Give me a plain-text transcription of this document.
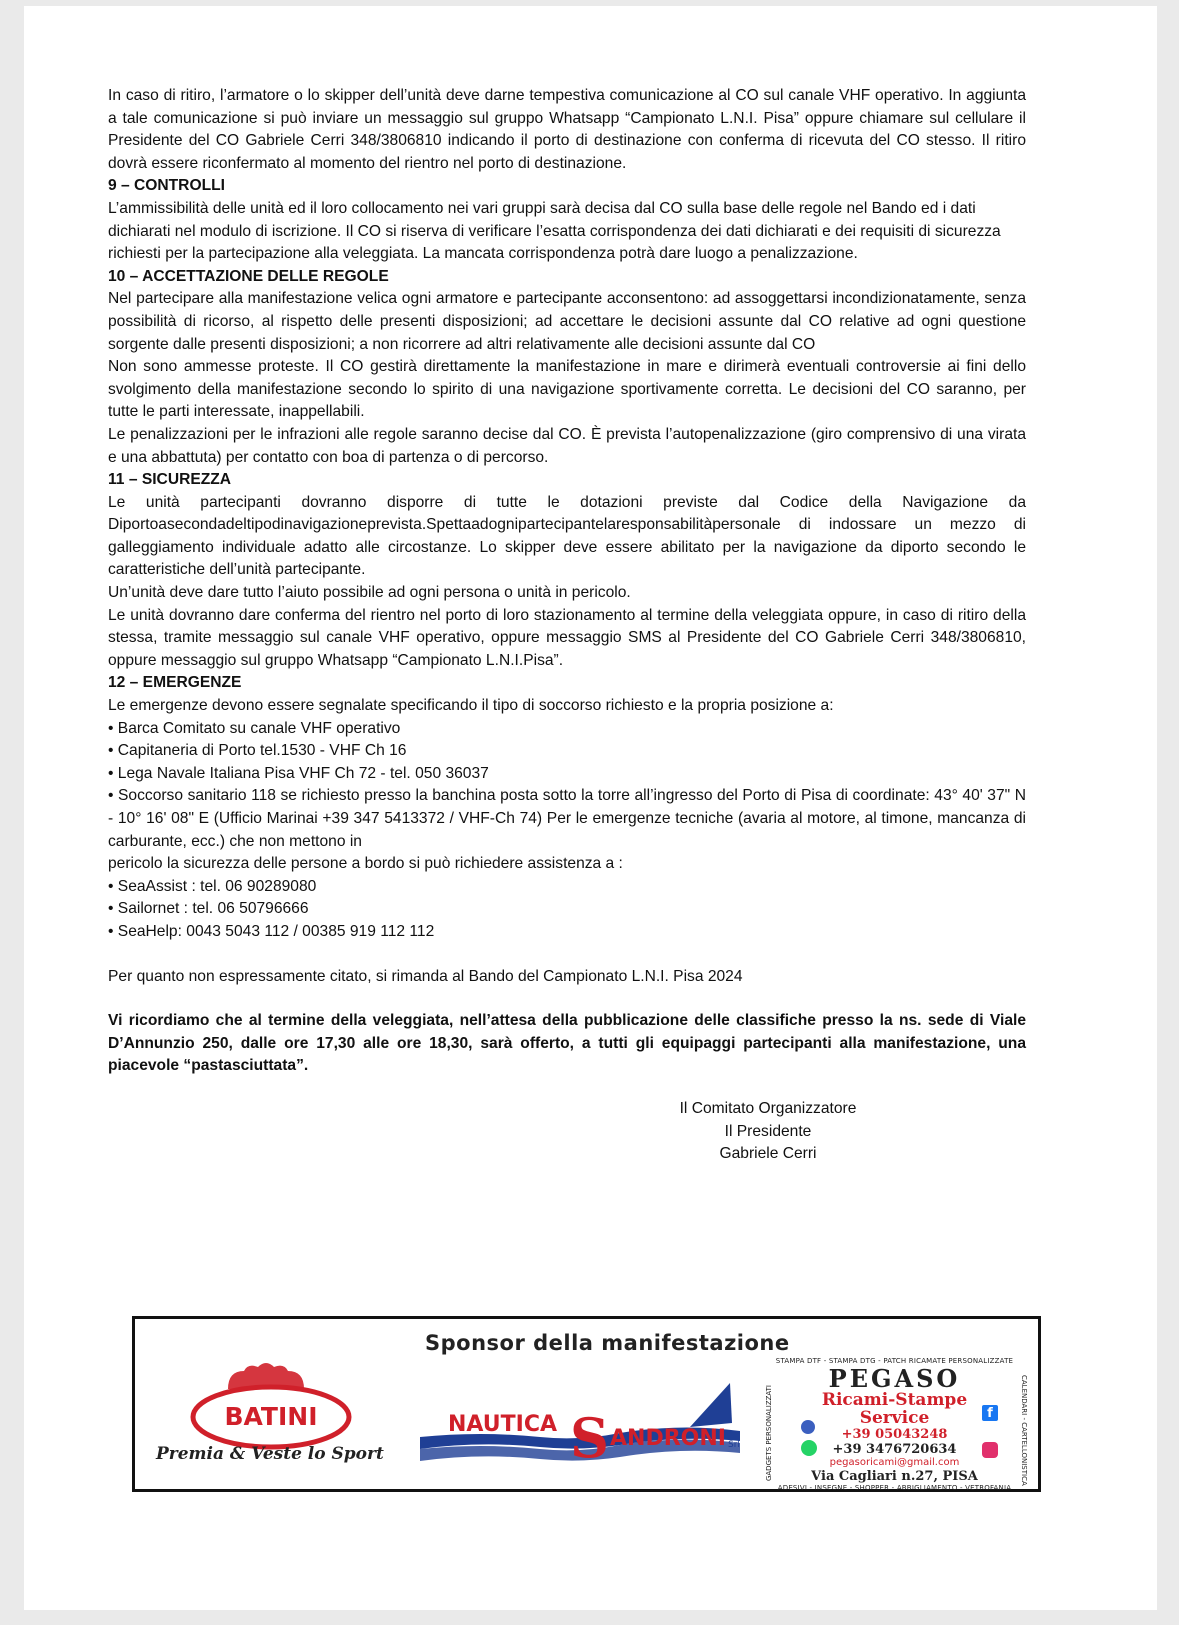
In caso di ritiro, l’armatore o lo skipper dell’unità deve darne tempestiva comunicazione al CO sul canale VHF operativo. In aggiunta a tale comunicazione si può inviare un messaggio sul gruppo Whatsapp “Campionato L.N.I. Pisa” oppure chiamare sul cellulare il Presidente del CO Gabriele Cerri 348/3806810 indicando il porto di destinazione con conferma di ricevuta del CO stesso. Il ritiro dovrà essere riconfermato al momento del rientro nel porto di destinazione.

9 – CONTROLLI

L’ammissibilità delle unità ed il loro collocamento nei vari gruppi sarà decisa dal CO sulla base delle regole nel Bando ed i dati dichiarati nel modulo di iscrizione. Il CO si riserva di verificare l’esatta corrispondenza dei dati dichiarati e dei requisiti di sicurezza richiesti per la partecipazione alla veleggiata. La mancata corrispondenza potrà dare luogo a penalizzazione.

10 – ACCETTAZIONE DELLE REGOLE

Nel partecipare alla manifestazione velica ogni armatore e partecipante acconsentono: ad assoggettarsi incondizionatamente, senza possibilità di ricorso, al rispetto delle presenti disposizioni; ad accettare le decisioni assunte dal CO relative ad ogni questione sorgente dalle presenti disposizioni; a non ricorrere ad altri relativamente alle decisioni assunte dal CO

Non sono ammesse proteste. Il CO gestirà direttamente la manifestazione in mare e dirimerà eventuali controversie ai fini dello svolgimento della manifestazione secondo lo spirito di una navigazione sportivamente corretta. Le decisioni del CO saranno, per tutte le parti interessate, inappellabili.

Le penalizzazioni per le infrazioni alle regole saranno decise dal CO. È prevista l’autopenalizzazione (giro comprensivo di una virata e una abbattuta) per contatto con boa di partenza o di percorso.

11 – SICUREZZA

Le unità partecipanti dovranno disporre di tutte le dotazioni previste dal Codice della Navigazione da Diportoasecondadeltipodinavigazioneprevista.Spettaadognipartecipantelaresponsabilitàpersonale di indossare un mezzo di galleggiamento individuale adatto alle circostanze. Lo skipper deve essere abilitato per la navigazione da diporto secondo le caratteristiche dell’unità partecipante.

Un’unità deve dare tutto l’aiuto possibile ad ogni persona o unità in pericolo.

Le unità dovranno dare conferma del rientro nel porto di loro stazionamento al termine della veleggiata oppure, in caso di ritiro della stessa, tramite messaggio sul canale VHF operativo, oppure messaggio SMS al Presidente del CO Gabriele Cerri 348/3806810, oppure messaggio sul gruppo Whatsapp “Campionato L.N.I.Pisa”.

12 – EMERGENZE

Le emergenze devono essere segnalate specificando il tipo di soccorso richiesto e la propria posizione a:

• Barca Comitato su canale VHF operativo

• Capitaneria di Porto tel.1530 - VHF Ch 16

• Lega Navale Italiana Pisa VHF Ch 72 - tel. 050 36037

• Soccorso sanitario 118 se richiesto presso la banchina posta sotto la torre all’ingresso del Porto di Pisa di coordinate: 43° 40' 37" N - 10° 16' 08" E (Ufficio Marinai +39 347 5413372 / VHF-Ch 74) Per le emergenze tecniche (avaria al motore, al timone, mancanza di carburante, ecc.) che non mettono in

pericolo la sicurezza delle persone a bordo si può richiedere assistenza a :

• SeaAssist : tel. 06 90289080

• Sailornet : tel. 06 50796666

• SeaHelp: 0043 5043 112 / 00385 919 112 112

Per quanto non espressamente citato, si rimanda al Bando del Campionato L.N.I. Pisa 2024

Vi ricordiamo che al termine della veleggiata, nell’attesa della pubblicazione delle classifiche presso la ns. sede di Viale D’Annunzio 250, dalle ore 17,30 alle ore 18,30, sarà offerto, a tutti gli equipaggi partecipanti alla manifestazione, una piacevole “pastasciuttata”.

Il Comitato Organizzatore

Il Presidente

Gabriele Cerri

Sponsor della manifestazione
BATINI
Premia & Veste lo Sport
NAUTICA S ANDRONI Srl
STAMPA DTF - STAMPA DTG - PATCH RICAMATE PERSONALIZZATE
PEGASO
Ricami-Stampe
Service
+39 05043248
+39 3476720634
pegasoricami@gmail.com
Via Cagliari n.27, PISA
ADESIVI - INSEGNE - SHOPPER - ABBIGLIAMENTO - VETROFANIA
GADGETS PERSONALIZZATI	CALENDARI - CARTELLONISTICA
f
